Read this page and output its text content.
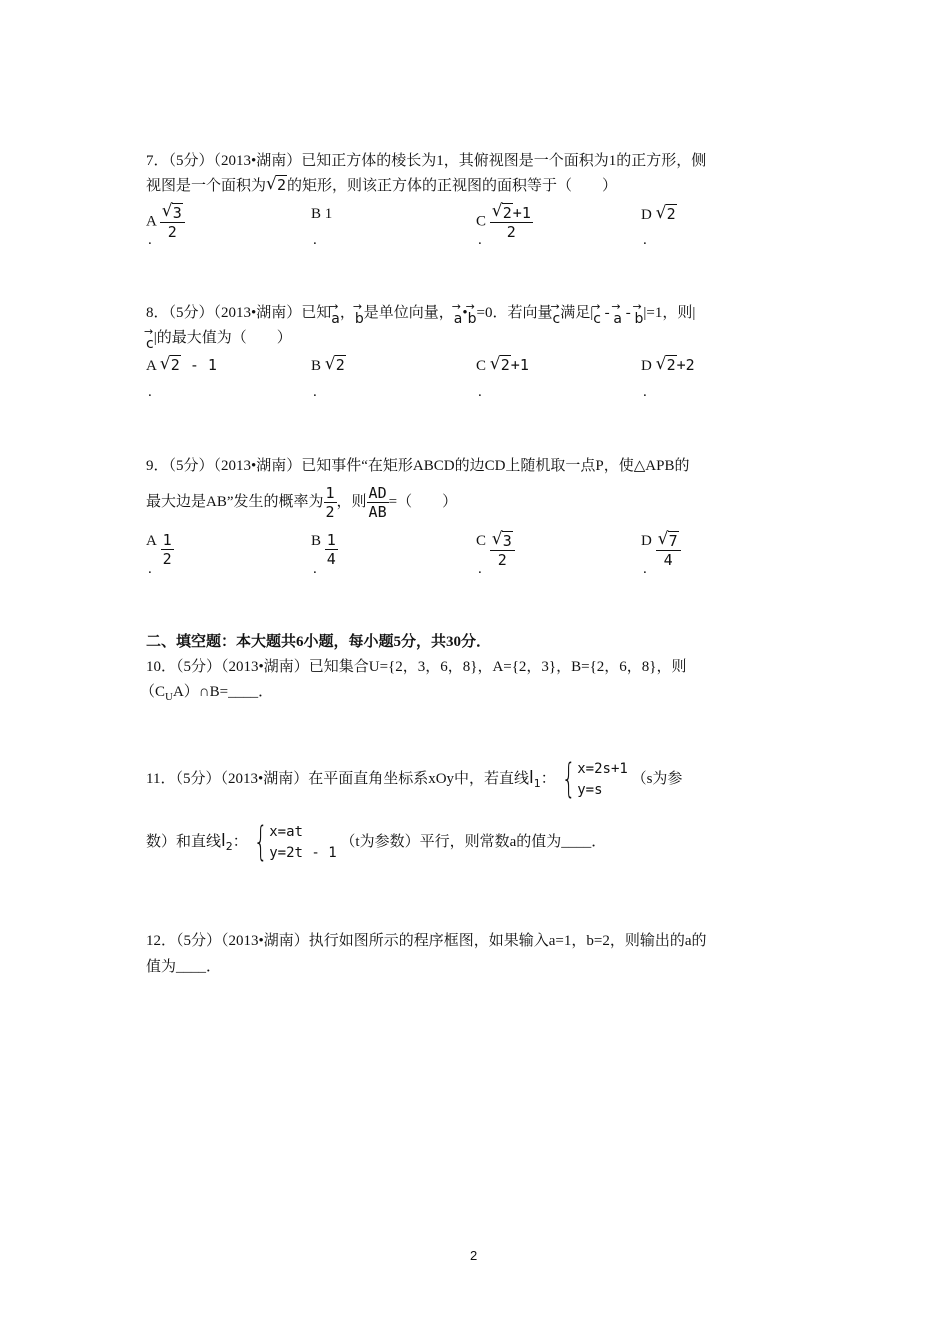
7．（5分）（2013•湖南）已知正方体的棱长为1，其俯视图是一个面积为1的正方形，侧
视图是一个面积为 √ 2的矩形，则该正方体的正视图的面积等于（　　）
A √ $\frac{3}{2}$
.
B 1
.
C √ $\frac{2+1}{2}$
.
D √ 2
.
8．（5分）（2013•湖南）已知→ a，→ b是单位向量，→ a•→ b=0．若向量→ c满足|→ c - → a - → b|=1，则|
→ c|的最大值为（　　）
A √ 2 - 1
.
B √ 2
.
C √ 2+1
.
D √ 2+2
.
9．（5分）（2013•湖南）已知事件“在矩形ABCD的边CD上随机取一点P，使△APB的
最大边是AB”发生的概率为 $\frac{1}{2}$ ，则 $\frac{AD}{AB}$ =（　　）
A $\frac{1}{2}$
.
B $\frac{1}{4}$
.
C √ $\frac{3}{2}$
.
D √ $\frac{7}{4}$
.
二、填空题：本大题共6小题，每小题5分，共30分．
10．（5分）（2013•湖南）已知集合U={2，3，6，8}，A={2，3}，B={2，6，8}，则
$(C_UA)\cap B=\_\_\_\_$．
11．（5分）（2013•湖南）在平面直角坐标系xOy中，若直线$l_1$： { x=2s+1
y=s
（s为参
数）和直线$l_2$： { x=at
y=2t - 1
（t为参数）平行，则常数a的值为____．
12．（5分）（2013•湖南）执行如图所示的程序框图，如果输入a=1，b=2，则输出的a的
值为____．
2
